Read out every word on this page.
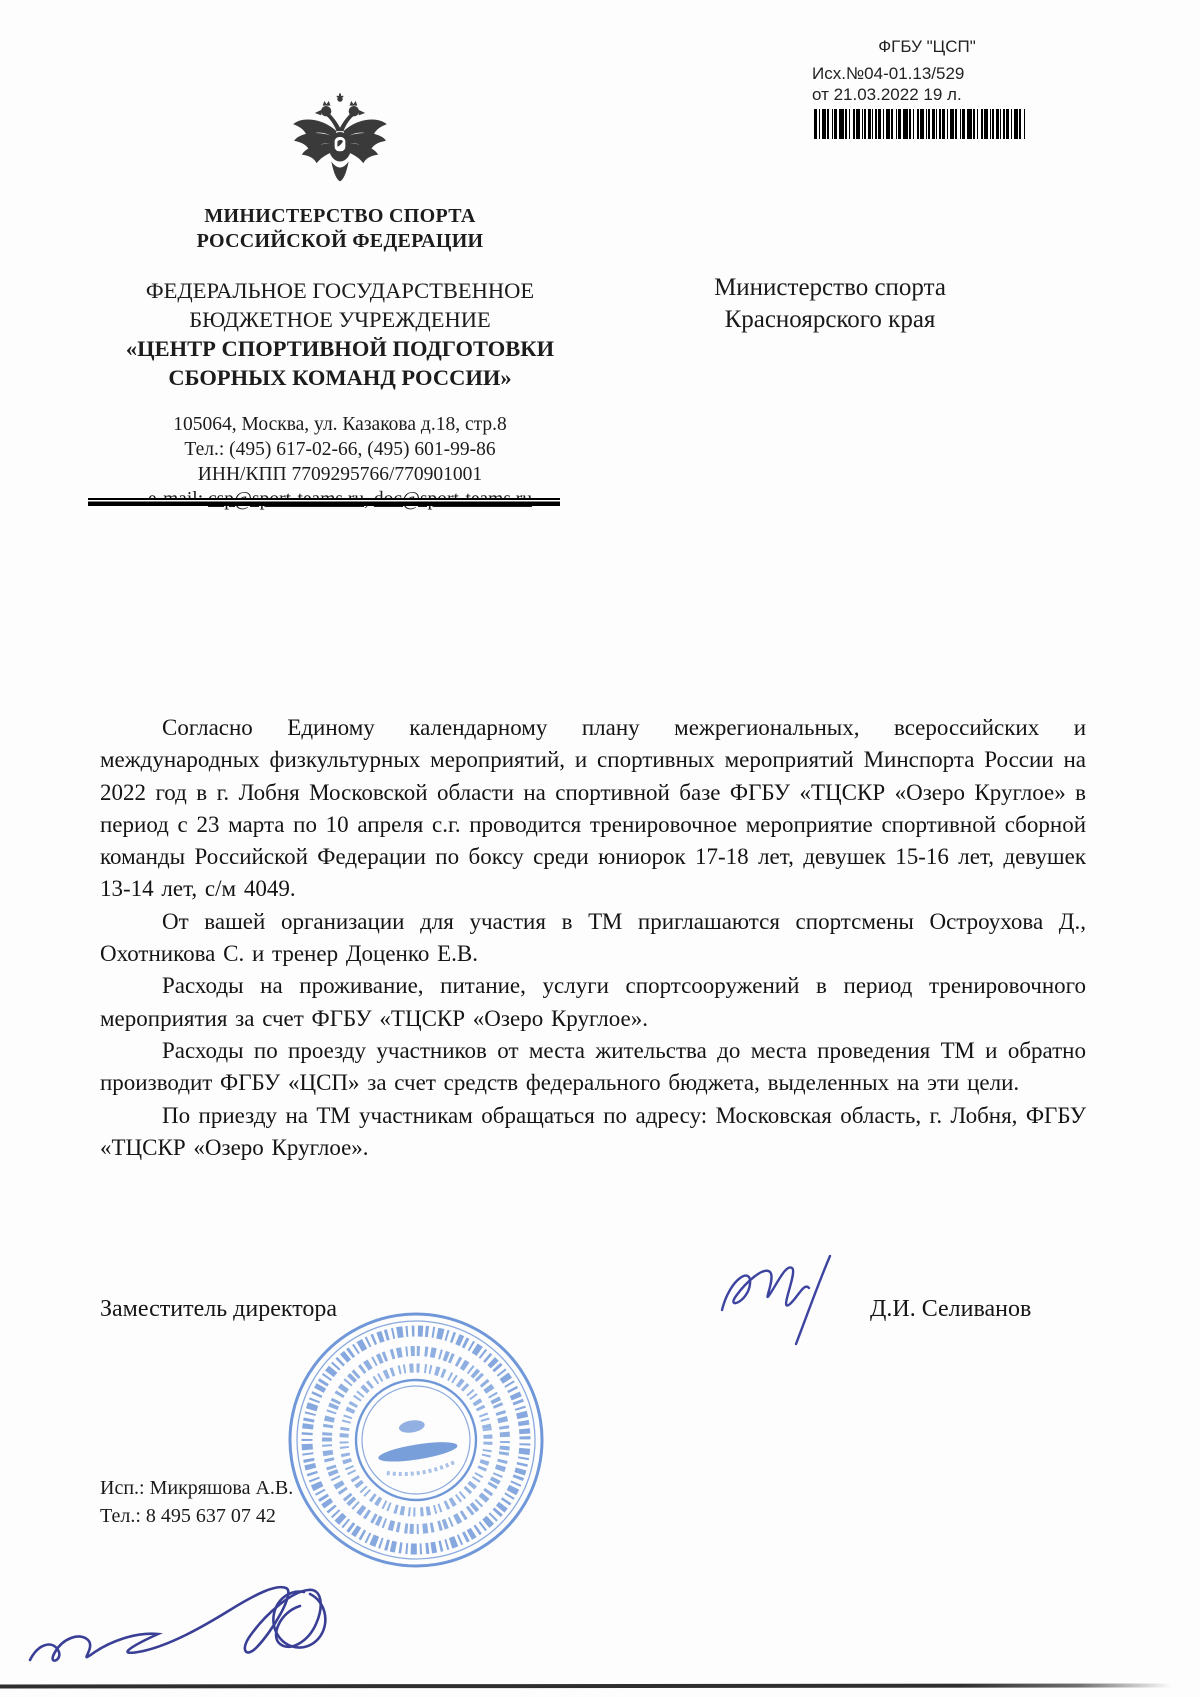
ФГБУ "ЦСП"
Исх.№04-01.13/529
от 21.03.2022 19 л.
МИНИСТЕРСТВО СПОРТА
РОССИЙСКОЙ ФЕДЕРАЦИИ
ФЕДЕРАЛЬНОЕ ГОСУДАРСТВЕННОЕ
БЮДЖЕТНОЕ УЧРЕЖДЕНИЕ
«ЦЕНТР СПОРТИВНОЙ ПОДГОТОВКИ
СБОРНЫХ КОМАНД РОССИИ»
105064, Москва, ул. Казакова д.18, стр.8
Тел.: (495) 617-02-66, (495) 601-99-86
ИНН/КПП 7709295766/770901001
Министерство спорта
Красноярского края

Согласно Единому календарному плану межрегиональных, всероссийских и международных физкультурных мероприятий, и спортивных мероприятий Минспорта России на 2022 год в г. Лобня Московской области на спортивной базе ФГБУ «ТЦСКР «Озеро Круглое» в период с 23 марта по 10 апреля с.г. проводится тренировочное мероприятие спортивной сборной команды Российской Федерации по боксу среди юниорок 17-18 лет, девушек 15-16 лет, девушек 13-14 лет, с/м 4049.

От вашей организации для участия в ТМ приглашаются спортсмены Остроухова Д., Охотникова С. и тренер Доценко Е.В.

Расходы на проживание, питание, услуги спортсооружений в период тренировочного мероприятия за счет ФГБУ «ТЦСКР «Озеро Круглое».

Расходы по проезду участников от места жительства до места проведения ТМ и обратно производит ФГБУ «ЦСП» за счет средств федерального бюджета, выделенных на эти цели.

По приезду на ТМ участникам обращаться по адресу: Московская область, г. Лобня, ФГБУ «ТЦСКР «Озеро Круглое».

Заместитель директора	Д.И. Селиванов
Исп.: Микряшова А.В.
Тел.: 8 495 637 07 42
